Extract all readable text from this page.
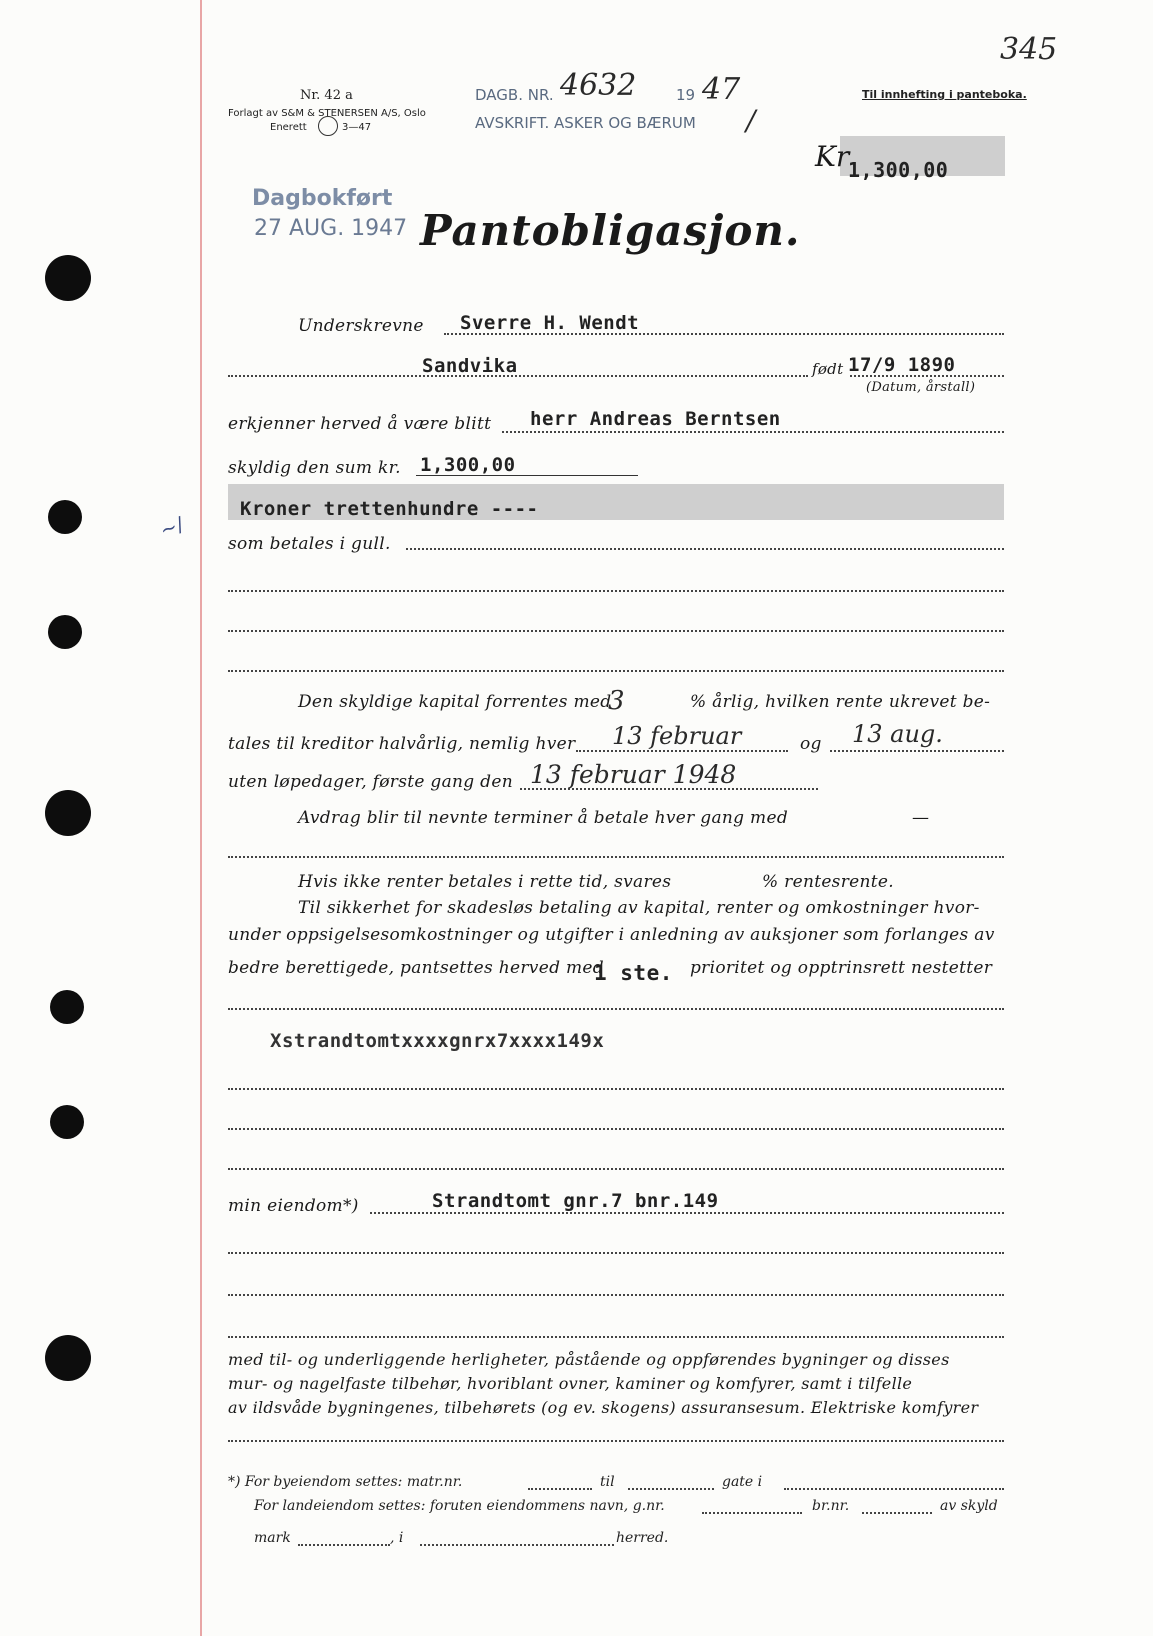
Nr. 42 a
Forlagt av S&M & STENERSEN A/S, Oslo
Enerett	3—47
DAGB. NR. 4632	19 47
AVSKRIFT. ASKER OG BÆRUM /
Til innhefting i panteboka.
345
Kr
1,300,00
Dagbokført
27 AUG. 1947 Pantobligasjon.
Underskrevne Sverre H. Wendt
Sandvika	født 17/9 1890
(Datum, årstall)
erkjenner herved å være blitt herr Andreas Berntsen
skyldig den sum kr. 1,300,00
Kroner trettenhundre ----
~/
som betales i gull.
Den skyldige kapital forrentes med
3	% årlig, hvilken rente ukrevet be-
tales til kreditor halvårlig, nemlig hver 13 februar	og 13 aug.
uten løpedager, første gang den 13 februar 1948
Avdrag blir til nevnte terminer å betale hver gang med	—
Hvis ikke renter betales i rette tid, svares	% rentesrente.
Til sikkerhet for skadesløs betaling av kapital, renter og omkostninger hvor-
under oppsigelsesomkostninger og utgifter i anledning av auksjoner som forlanges av
bedre berettigede, pantsettes herved med
1 ste. prioritet og opptrinsrett nestetter
Xstrandtomtxxxxgnrx7xxxx149x
min eiendom*)	Strandtomt gnr.7 bnr.149
med til- og underliggende herligheter, påstående og oppførendes bygninger og disses
mur- og nagelfaste tilbehør, hvoriblant ovner, kaminer og komfyrer, samt i tilfelle
av ildsvåde bygningenes, tilbehørets (og ev. skogens) assuransesum. Elektriske komfyrer
*) For byeiendom settes: matr.nr.	til	gate i
For landeiendom settes: foruten eiendommens navn, g.nr.	br.nr.	av skyld
mark	, i	herred.
